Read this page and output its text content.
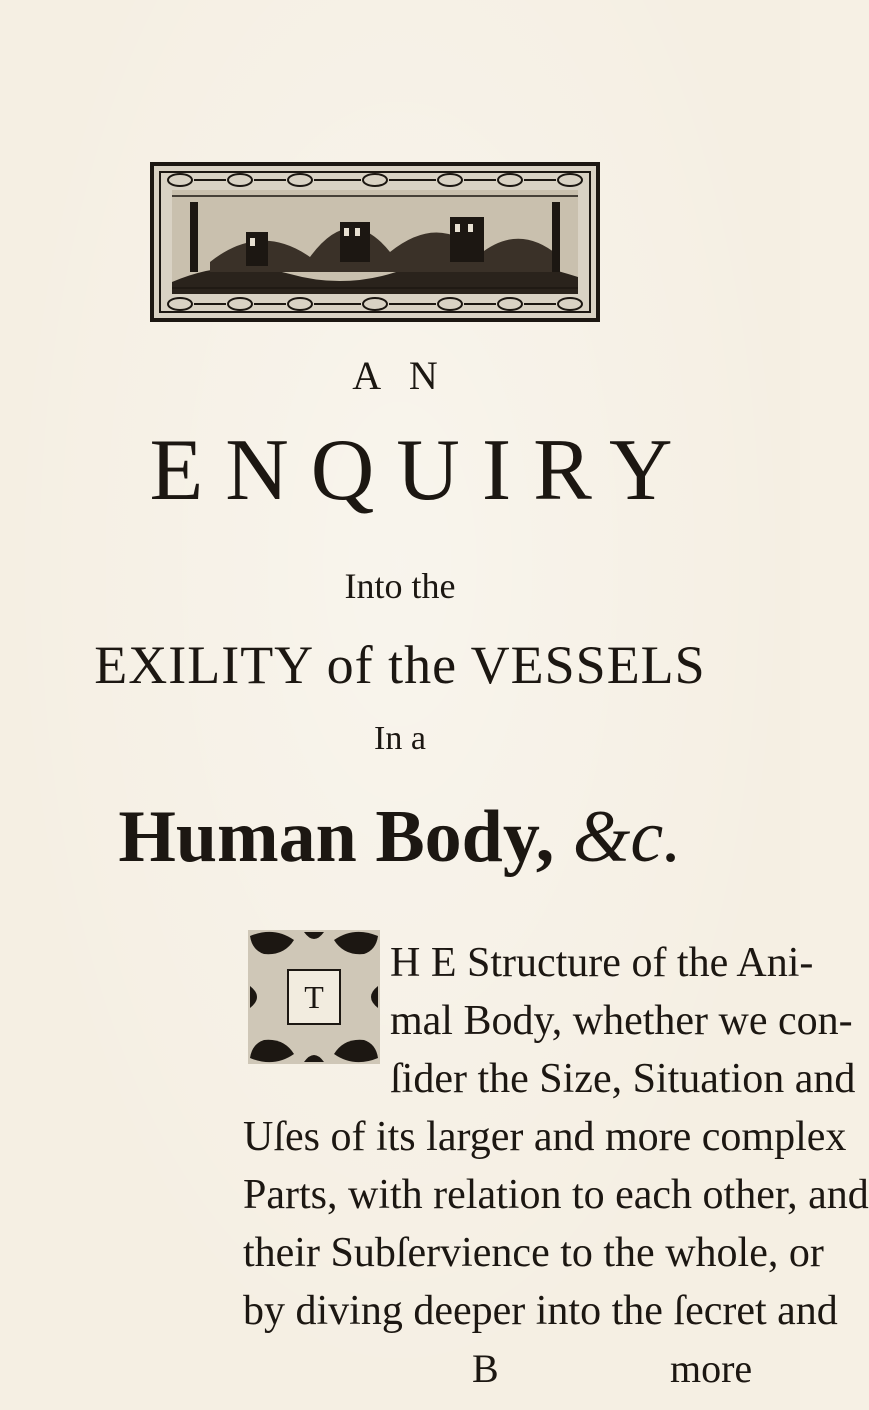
A N
ENQUIRY
Into the
EXILITY of the VESSELS
In a
Human Body, &c.
T
H E Structure of the Ani-
mal Body, whether we con-
ſider the Size, Situation and
Uſes of its larger and more complex
Parts, with relation to each other, and
their Subſervience to the whole, or
by diving deeper into the ſecret and
B	more
